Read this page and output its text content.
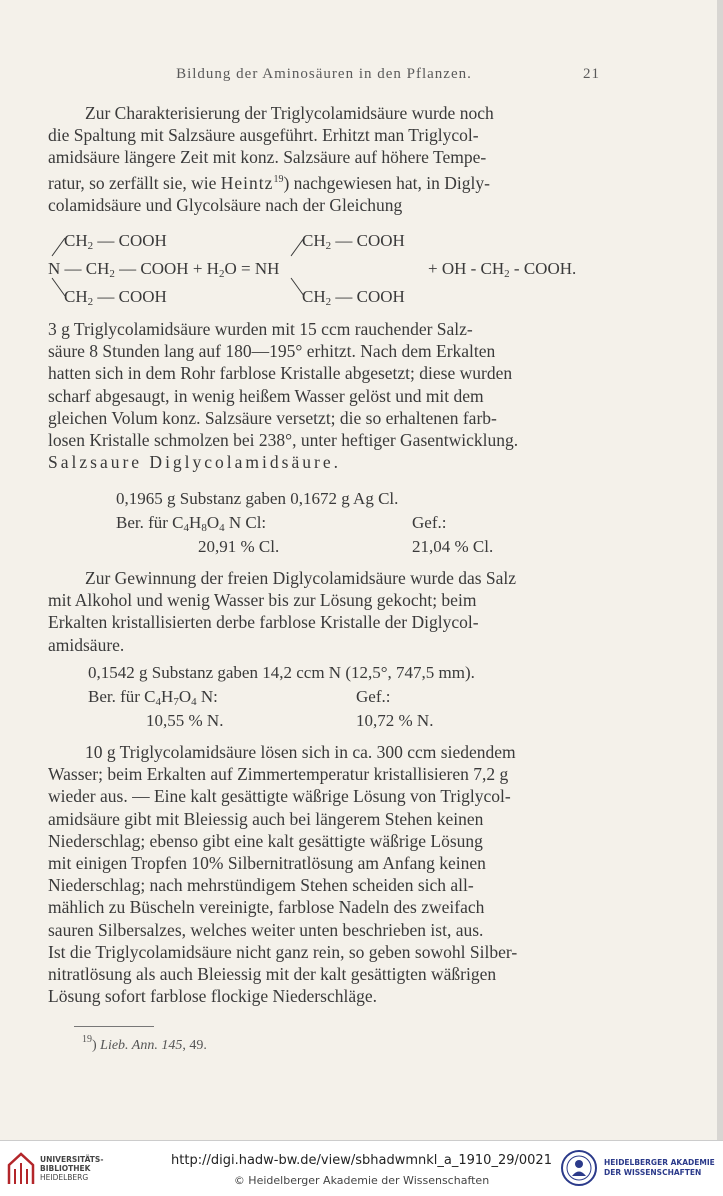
Bildung der Aminosäuren in den Pflanzen.	21

Zur Charakterisierung der Triglycolamidsäure wurde noch

die Spaltung mit Salzsäure ausgeführt. Erhitzt man Triglycol-

amidsäure längere Zeit mit konz. Salzsäure auf höhere Tempe-

ratur, so zerfällt sie, wie Heintz$^{19}$) nachgewiesen hat, in Digly-

colamidsäure und Glycolsäure nach der Gleichung

$CH_2$ — COOH	$CH_2$ — COOH
N — $CH_2$ — COOH + $H_2O$ = NH	+ OH - $CH_2$ - COOH.
$CH_2$ — COOH	$CH_2$ — COOH

3 g Triglycolamidsäure wurden mit 15 ccm rauchender Salz-

säure 8 Stunden lang auf 180—195° erhitzt. Nach dem Erkalten

hatten sich in dem Rohr farblose Kristalle abgesetzt; diese wurden

scharf abgesaugt, in wenig heißem Wasser gelöst und mit dem

gleichen Volum konz. Salzsäure versetzt; die so erhaltenen farb-

losen Kristalle schmolzen bei 238°, unter heftiger Gasentwicklung.

Salzsaure Diglycolamidsäure.

0,1965 g Substanz gaben 0,1672 g Ag Cl.
Ber. für $C_4H_8O_4$ N Cl:	Gef.:
20,91 % Cl.	21,04 % Cl.

Zur Gewinnung der freien Diglycolamidsäure wurde das Salz

mit Alkohol und wenig Wasser bis zur Lösung gekocht; beim

Erkalten kristallisierten derbe farblose Kristalle der Diglycol-

amidsäure.

0,1542 g Substanz gaben 14,2 ccm N (12,5°, 747,5 mm).
Ber. für $C_4H_7O_4$ N:	Gef.:
10,55 % N.	10,72 % N.

10 g Triglycolamidsäure lösen sich in ca. 300 ccm siedendem

Wasser; beim Erkalten auf Zimmertemperatur kristallisieren 7,2 g

wieder aus. — Eine kalt gesättigte wäßrige Lösung von Triglycol-

amidsäure gibt mit Bleiessig auch bei längerem Stehen keinen

Niederschlag; ebenso gibt eine kalt gesättigte wäßrige Lösung

mit einigen Tropfen 10% Silbernitratlösung am Anfang keinen

Niederschlag; nach mehrstündigem Stehen scheiden sich all-

mählich zu Büscheln vereinigte, farblose Nadeln des zweifach

sauren Silbersalzes, welches weiter unten beschrieben ist, aus.

Ist die Triglycolamidsäure nicht ganz rein, so geben sowohl Silber-

nitratlösung als auch Bleiessig mit der kalt gesättigten wäßrigen

Lösung sofort farblose flockige Niederschläge.

$^{19}$) Lieb. Ann. 145, 49.
UNIVERSITÄTS-
BIBLIOTHEK
HEIDELBERG
http://digi.hadw-bw.de/view/sbhadwmnkl_a_1910_29/0021
© Heidelberger Akademie der Wissenschaften
HEIDELBERGER AKADEMIE
DER WISSENSCHAFTEN
